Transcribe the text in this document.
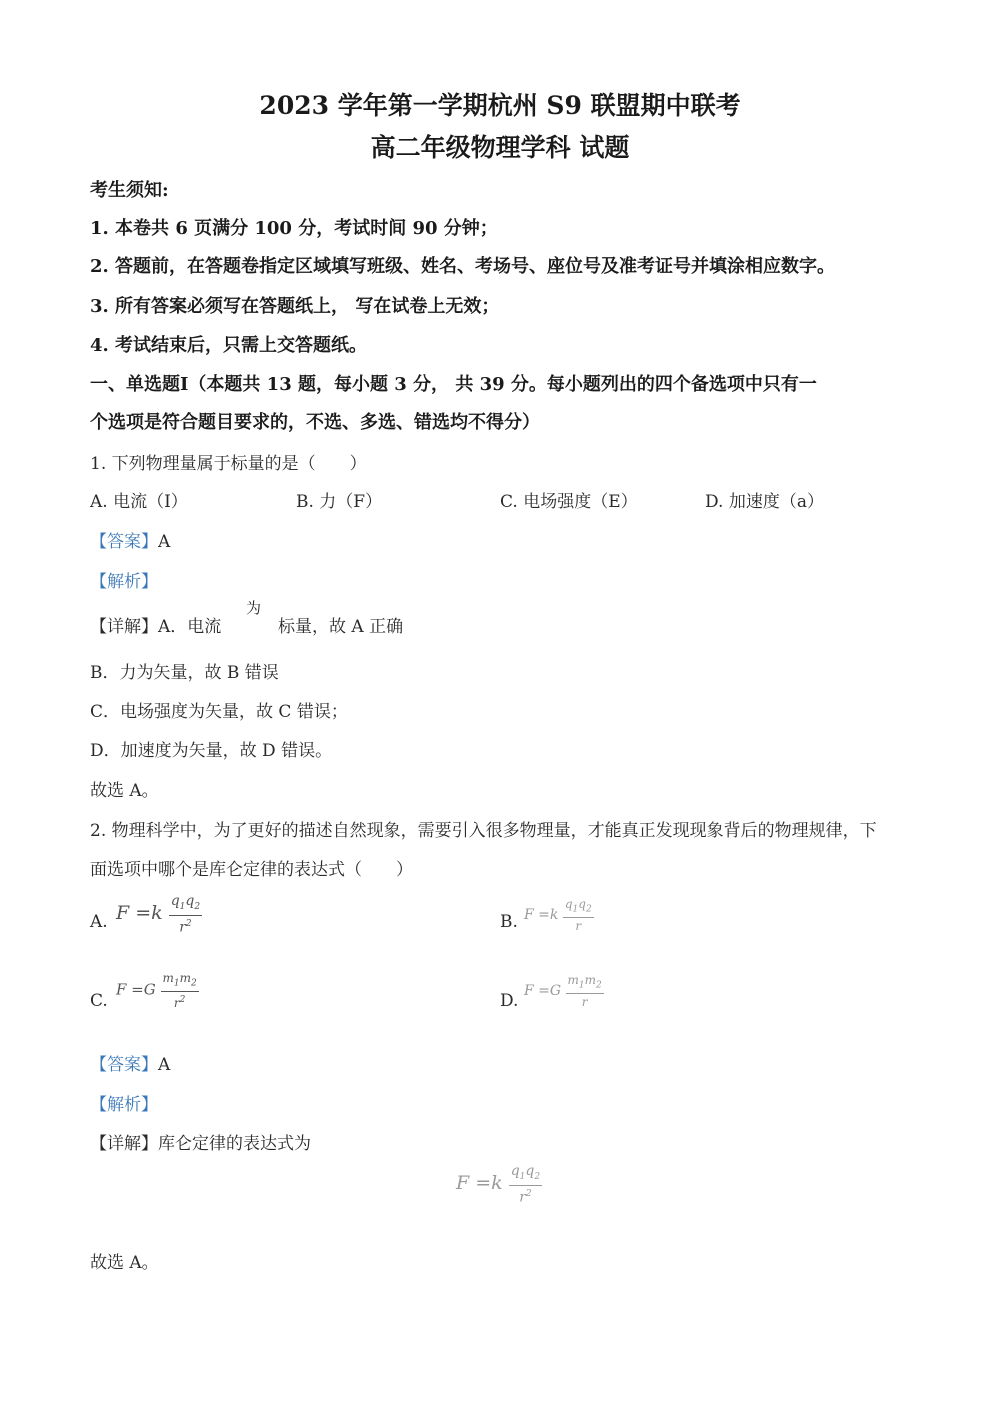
2023 学年第一学期杭州 S9 联盟期中联考
高二年级物理学科 试题
考生须知:
1. 本卷共 6 页满分 100 分，考试时间 90 分钟；
2. 答题前，在答题卷指定区域填写班级、姓名、考场号、座位号及准考证号并填涂相应数字。
3. 所有答案必须写在答题纸上， 写在试卷上无效；
4. 考试结束后，只需上交答题纸。
一、单选题Ⅰ（本题共 13 题，每小题 3 分， 共 39 分。每小题列出的四个备选项中只有一
个选项是符合题目要求的，不选、多选、错选均不得分）
1. 下列物理量属于标量的是（　　）
A. 电流（I）	B. 力（F）	C. 电场强度（E）	D. 加速度（a）
【答案】A
【解析】
【详解】A．电流
为
标量，故 A 正确
B．力为矢量，故 B 错误
C．电场强度为矢量，故 C 错误；
D．加速度为矢量，故 D 错误。
故选 A。
2. 物理科学中，为了更好的描述自然现象，需要引入很多物理量，才能真正发现现象背后的物理规律，下
面选项中哪个是库仑定律的表达式（　　）
A. $F =k \frac{q_1q_2}{r^2}$	B. $F =k \frac{q_1q_2}{r}$
C.
$F =G \frac{m_1m_2}{r^2}$	D. $F =G \frac{m_1m_2}{r}$
【答案】A
【解析】
【详解】库仑定律的表达式为
$F =k \frac{q_1q_2}{r^2}$
故选 A。
